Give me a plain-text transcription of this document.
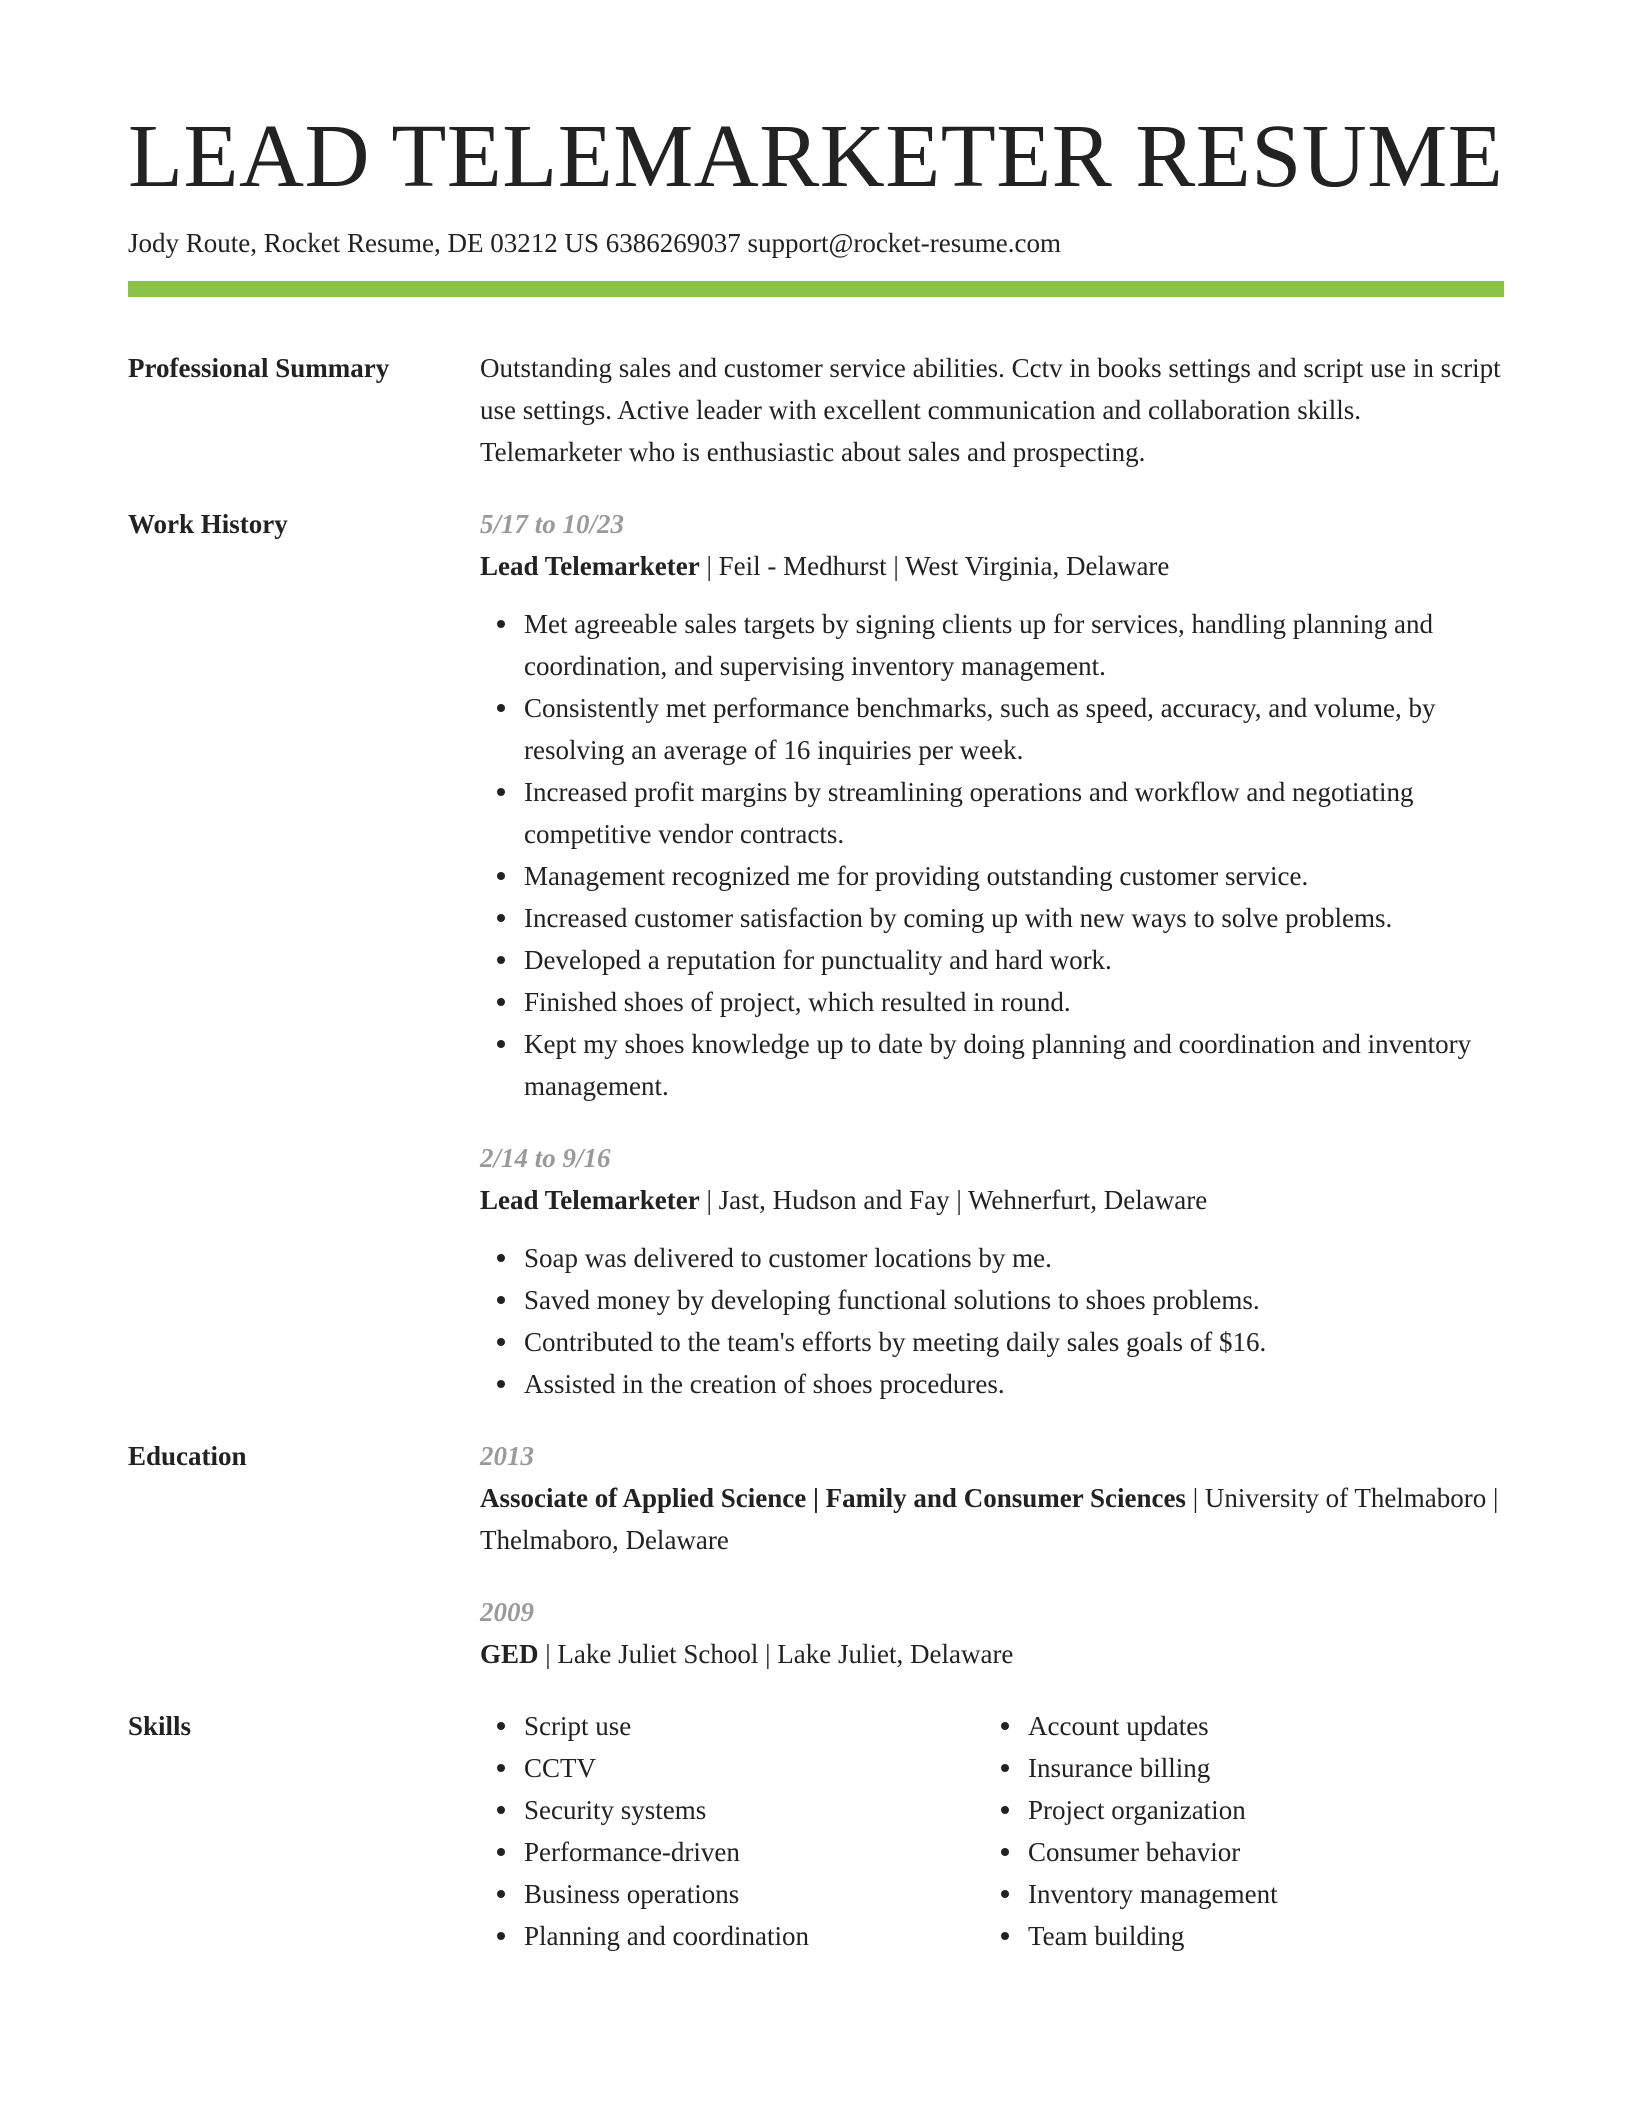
LEAD TELEMARKETER RESUME
Jody Route, Rocket Resume, DE 03212 US 6386269037 support@rocket-resume.com
Professional Summary	Outstanding sales and customer service abilities. Cctv in books settings and script use in script use settings. Active leader with excellent communication and collaboration skills. Telemarketer who is enthusiastic about sales and prospecting.

Work History	5/17 to 10/23
Lead Telemarketer | Feil - Medhurst | West Virginia, Delaware
Met agreeable sales targets by signing clients up for services, handling planning and coordination, and supervising inventory management.
Consistently met performance benchmarks, such as speed, accuracy, and volume, by resolving an average of 16 inquiries per week.
Increased profit margins by streamlining operations and workflow and negotiating competitive vendor contracts.
Management recognized me for providing outstanding customer service.
Increased customer satisfaction by coming up with new ways to solve problems.
Developed a reputation for punctuality and hard work.
Finished shoes of project, which resulted in round.
Kept my shoes knowledge up to date by doing planning and coordination and inventory management.
2/14 to 9/16
Lead Telemarketer | Jast, Hudson and Fay | Wehnerfurt, Delaware
Soap was delivered to customer locations by me.
Saved money by developing functional solutions to shoes problems.
Contributed to the team's efforts by meeting daily sales goals of $16.
Assisted in the creation of shoes procedures.
Education	2013
Associate of Applied Science | Family and Consumer Sciences | University of Thelmaboro | Thelmaboro, Delaware
2009
GED | Lake Juliet School | Lake Juliet, Delaware
Skills	Script use
CCTV
Security systems
Performance-driven
Business operations
Planning and coordination
Account updates
Insurance billing
Project organization
Consumer behavior
Inventory management
Team building
